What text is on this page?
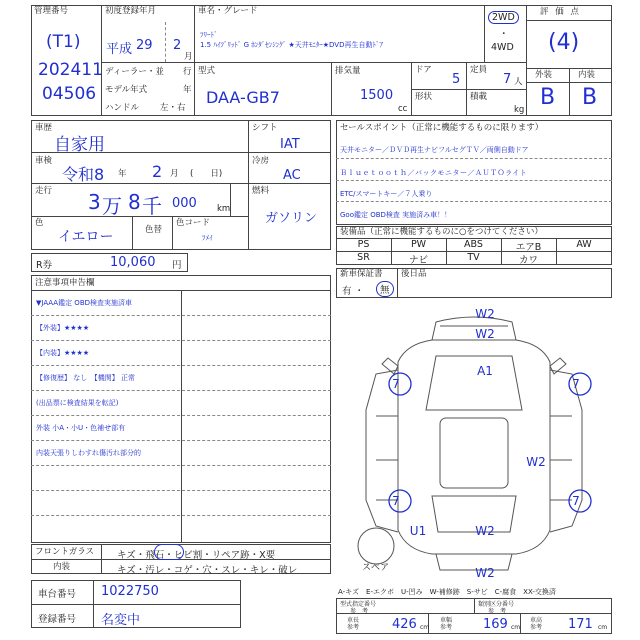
管理番号
(T1)
202411
04506
初度登録年月
平成 29 2
月
車名・グレード
ﾌﾘｰﾄﾞ
1.5 ﾊｲﾌﾞﾘｯﾄﾞ G ﾎﾝﾀﾞｾﾝｼﾝｸﾞ ★天井ﾓﾆﾀｰ★DVD再生自動ﾄﾞｱ
2WD
・
4WD
評 価 点
(4)
外装	内装
B B
ディーラー・並 行
モデル年式	年
ハンドル 左・右
型式
DAA-GB7
排気量
1500
cc
ドア
5
定員
7 人
形状	積載
kg
車歴
自家用
車検
令和8 年 2 月 (　　日)
走行 3 万 8 千 000 km
色
イエロー	色替
色コード
ﾌﾒｲ
シフト
IAT
冷房
AC
燃料
ガソリン
R券	10,060 円
セールスポイント（正常に機能するものに限ります）
天井モニター／ＤＶＤ再生ナビフルセグＴＶ／両側自動ドア
Ｂｌｕｅｔｏｏｔｈ／バックモニター／ＡＵＴＯライト
ETC/スマートキー／７人乗り
Goo鑑定 OBD検査 実施済み車！！
装備品（正常に機能するものに○をつけてください）
PS	PW	ABS	エアB	AW
SR	ナビ	TV	カワ
新車保証書
有 ・	無
後日品
注意事項申告欄
▼JAAA鑑定 OBD検査実施済車
【外装】★★★★
【内装】★★★★
【修復歴】 なし　【機関】 正常
(出品票に検査結果を転記)
外装 小A・小U・色補せ部有
内装天張りしわすれ傷汚れ部分的
フロントガラス キズ・飛石・ヒビ割・リペア跡・X要
内装	キズ・汚レ・コゲ・穴・スレ・キレ・破レ
車台番号 1022750
登録番号 名変中
W2
W2
A1
W2
W2
W2
U1
7	7
7	7
スペア
A-キズ　E-エクボ　U-凹み　W-補修跡　S-サビ　C-腐食　XX-交換済
型式指定番号
参　考
類別区分番号
参　考
車長
参考	426 cm
車幅
参考 169 cm
車高
参考 171 cm
